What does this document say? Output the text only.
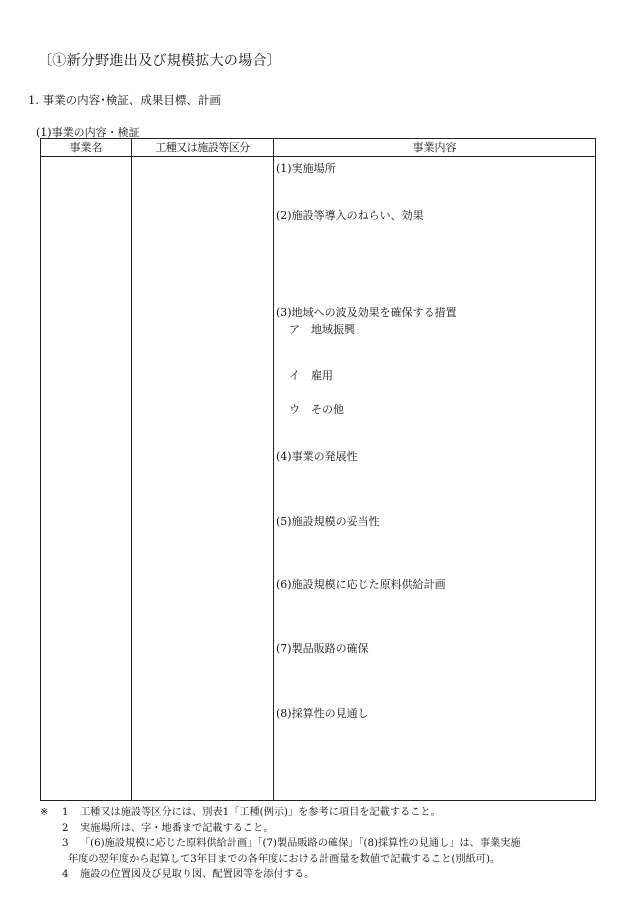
〔①新分野進出及び規模拡大の場合〕
1. 事業の内容･検証、成果目標、計画
(1)事業の内容・検証
事業名	工種又は施設等区分	事業内容
(1)実施場所
(2)施設等導入のねらい、効果
(3)地域への波及効果を確保する措置
ア　地域振興
イ　雇用
ウ　その他
(4)事業の発展性
(5)施設規模の妥当性
(6)施設規模に応じた原料供給計画
(7)製品販路の確保
(8)採算性の見通し
※ 1 工種又は施設等区分には、別表1「工種(例示)」を参考に項目を記載すること。
2 実施場所は、字・地番まで記載すること。
3 「(6)施設規模に応じた原料供給計画」「(7)製品販路の確保」「(8)採算性の見通し」は、事業実施
年度の翌年度から起算して3年目までの各年度における計画量を数値で記載すること(別紙可)。
4 施設の位置図及び見取り図、配置図等を添付する。
